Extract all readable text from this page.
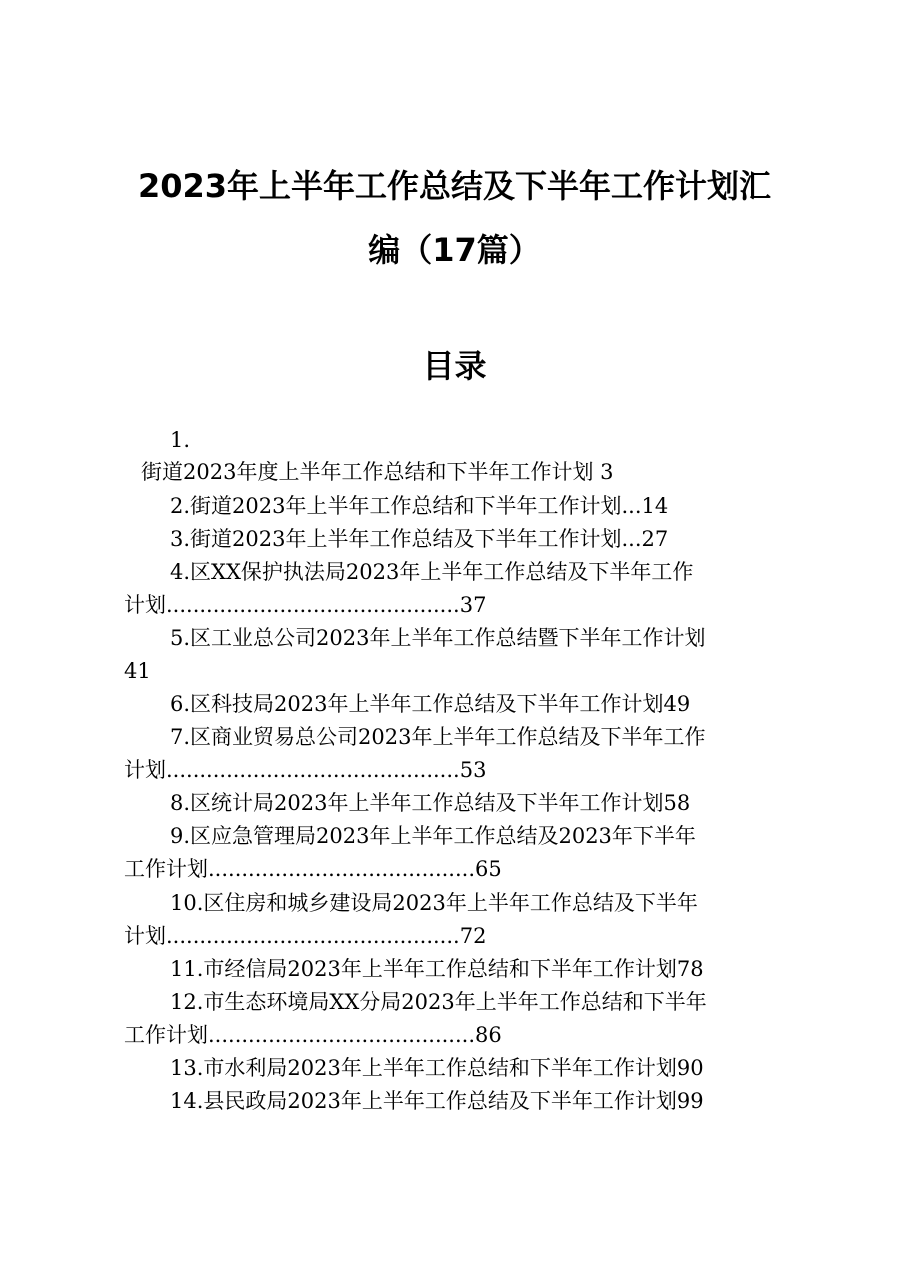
2023年上半年工作总结及下半年工作计划汇
编（17篇）
目录
1.
街道2023年度上半年工作总结和下半年工作计划 3
2.街道2023年上半年工作总结和下半年工作计划...14
3.街道2023年上半年工作总结及下半年工作计划...27
4.区XX保护执法局2023年上半年工作总结及下半年工作
计划............................................37
5.区工业总公司2023年上半年工作总结暨下半年工作计划
41
6.区科技局2023年上半年工作总结及下半年工作计划49
7.区商业贸易总公司2023年上半年工作总结及下半年工作
计划............................................53
8.区统计局2023年上半年工作总结及下半年工作计划58
9.区应急管理局2023年上半年工作总结及2023年下半年
工作计划........................................65
10.区住房和城乡建设局2023年上半年工作总结及下半年
计划............................................72
11.市经信局2023年上半年工作总结和下半年工作计划78
12.市生态环境局XX分局2023年上半年工作总结和下半年
工作计划........................................86
13.市水利局2023年上半年工作总结和下半年工作计划90
14.县民政局2023年上半年工作总结及下半年工作计划99
